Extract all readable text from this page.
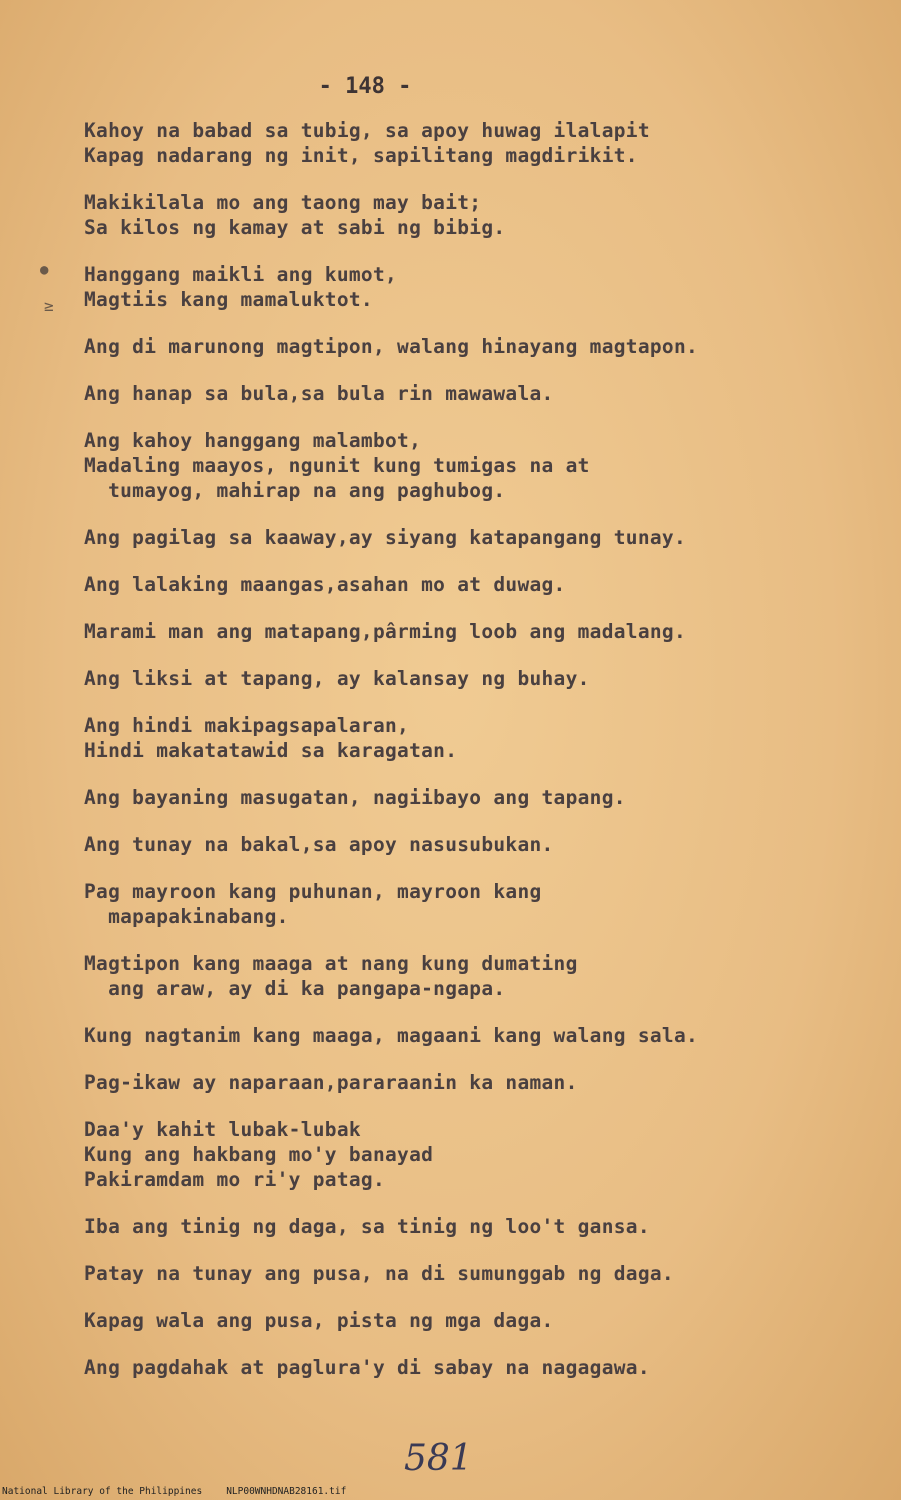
●
≥
- 148 -
Kahoy na babad sa tubig, sa apoy huwag ilalapit
Kapag nadarang ng init, sapilitang magdirikit.
Makikilala mo ang taong may bait;
Sa kilos ng kamay at sabi ng bibig.
Hanggang maikli ang kumot,
Magtiis kang mamaluktot.
Ang di marunong magtipon, walang hinayang magtapon.
Ang hanap sa bula,sa bula rin mawawala.
Ang kahoy hanggang malambot,
Madaling maayos, ngunit kung tumigas na at
tumayog, mahirap na ang paghubog.
Ang pagilag sa kaaway,ay siyang katapangang tunay.
Ang lalaking maangas,asahan mo at duwag.
Marami man ang matapang,pârming loob ang madalang.
Ang liksi at tapang, ay kalansay ng buhay.
Ang hindi makipagsapalaran,
Hindi makatatawid sa karagatan.
Ang bayaning masugatan, nagiibayo ang tapang.
Ang tunay na bakal,sa apoy nasusubukan.
Pag mayroon kang puhunan, mayroon kang
mapapakinabang.
Magtipon kang maaga at nang kung dumating
ang araw, ay di ka pangapa-ngapa.
Kung nagtanim kang maaga, magaani kang walang sala.
Pag-ikaw ay naparaan,pararaanin ka naman.
Daa'y kahit lubak-lubak
Kung ang hakbang mo'y banayad
Pakiramdam mo ri'y patag.
Iba ang tinig ng daga, sa tinig ng loo't gansa.
Patay na tunay ang pusa, na di sumunggab ng daga.
Kapag wala ang pusa, pista ng mga daga.
Ang pagdahak at paglura'y di sabay na nagagawa.
581
National Library of the Philippines	NLP00WNHDNAB28161.tif
